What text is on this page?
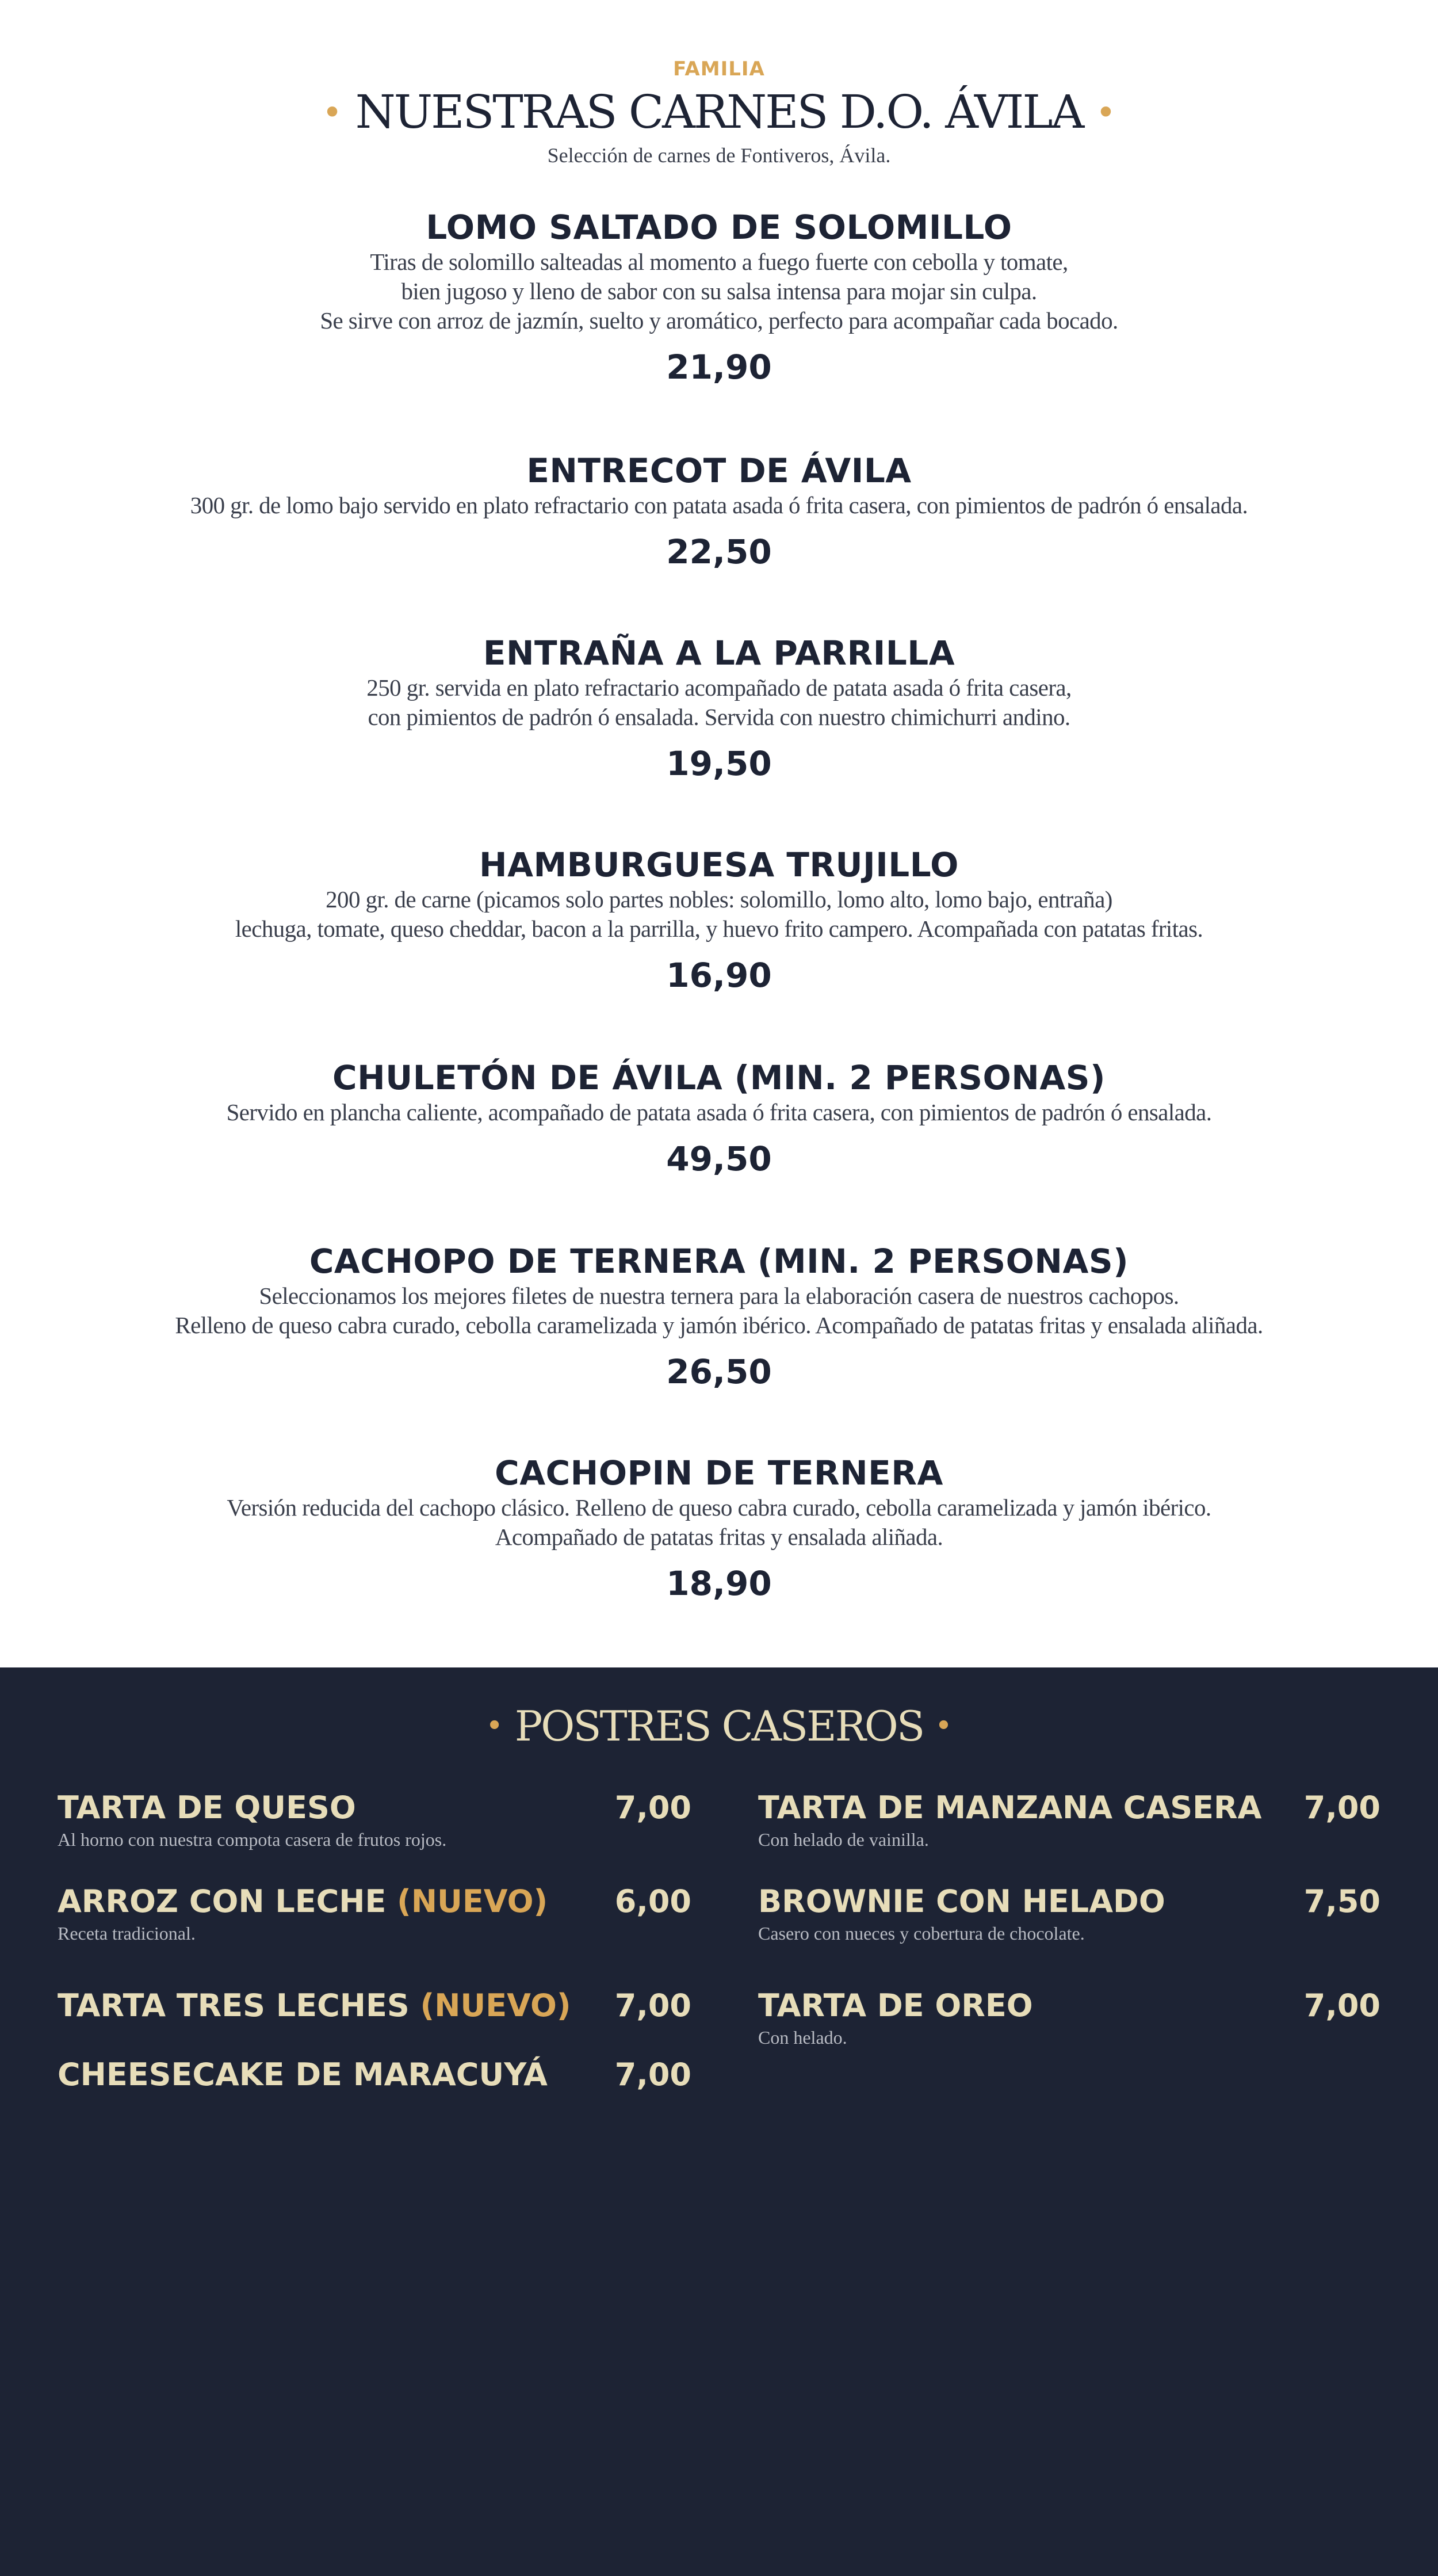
FAMILIA
• NUESTRAS CARNES D.O. ÁVILA •
Selección de carnes de Fontiveros, Ávila.
LOMO SALTADO DE SOLOMILLO
Tiras de solomillo salteadas al momento a fuego fuerte con cebolla y tomate,
bien jugoso y lleno de sabor con su salsa intensa para mojar sin culpa.
Se sirve con arroz de jazmín, suelto y aromático, perfecto para acompañar cada bocado.
21,90
ENTRECOT DE ÁVILA
300 gr. de lomo bajo servido en plato refractario con patata asada ó frita casera, con pimientos de padrón ó ensalada.
22,50
ENTRAÑA A LA PARRILLA
250 gr. servida en plato refractario acompañado de patata asada ó frita casera,
con pimientos de padrón ó ensalada. Servida con nuestro chimichurri andino.
19,50
HAMBURGUESA TRUJILLO
200 gr. de carne (picamos solo partes nobles: solomillo, lomo alto, lomo bajo, entraña)
lechuga, tomate, queso cheddar, bacon a la parrilla, y huevo frito campero. Acompañada con patatas fritas.
16,90
CHULETÓN DE ÁVILA (MIN. 2 PERSONAS)
Servido en plancha caliente, acompañado de patata asada ó frita casera, con pimientos de padrón ó ensalada.
49,50
CACHOPO DE TERNERA (MIN. 2 PERSONAS)
Seleccionamos los mejores filetes de nuestra ternera para la elaboración casera de nuestros cachopos.
Relleno de queso cabra curado, cebolla caramelizada y jamón ibérico. Acompañado de patatas fritas y ensalada aliñada.
26,50
CACHOPIN DE TERNERA
Versión reducida del cachopo clásico. Relleno de queso cabra curado, cebolla caramelizada y jamón ibérico.
Acompañado de patatas fritas y ensalada aliñada.
18,90
• POSTRES CASEROS •
TARTA DE QUESO	7,00
Al horno con nuestra compota casera de frutos rojos.
ARROZ CON LECHE (NUEVO) 6,00
Receta tradicional.
TARTA TRES LECHES (NUEVO) 7,00
CHEESECAKE DE MARACUYÁ 7,00
TARTA DE MANZANA CASERA 7,00
Con helado de vainilla.
BROWNIE CON HELADO	7,50
Casero con nueces y cobertura de chocolate.
TARTA DE OREO	7,00
Con helado.
